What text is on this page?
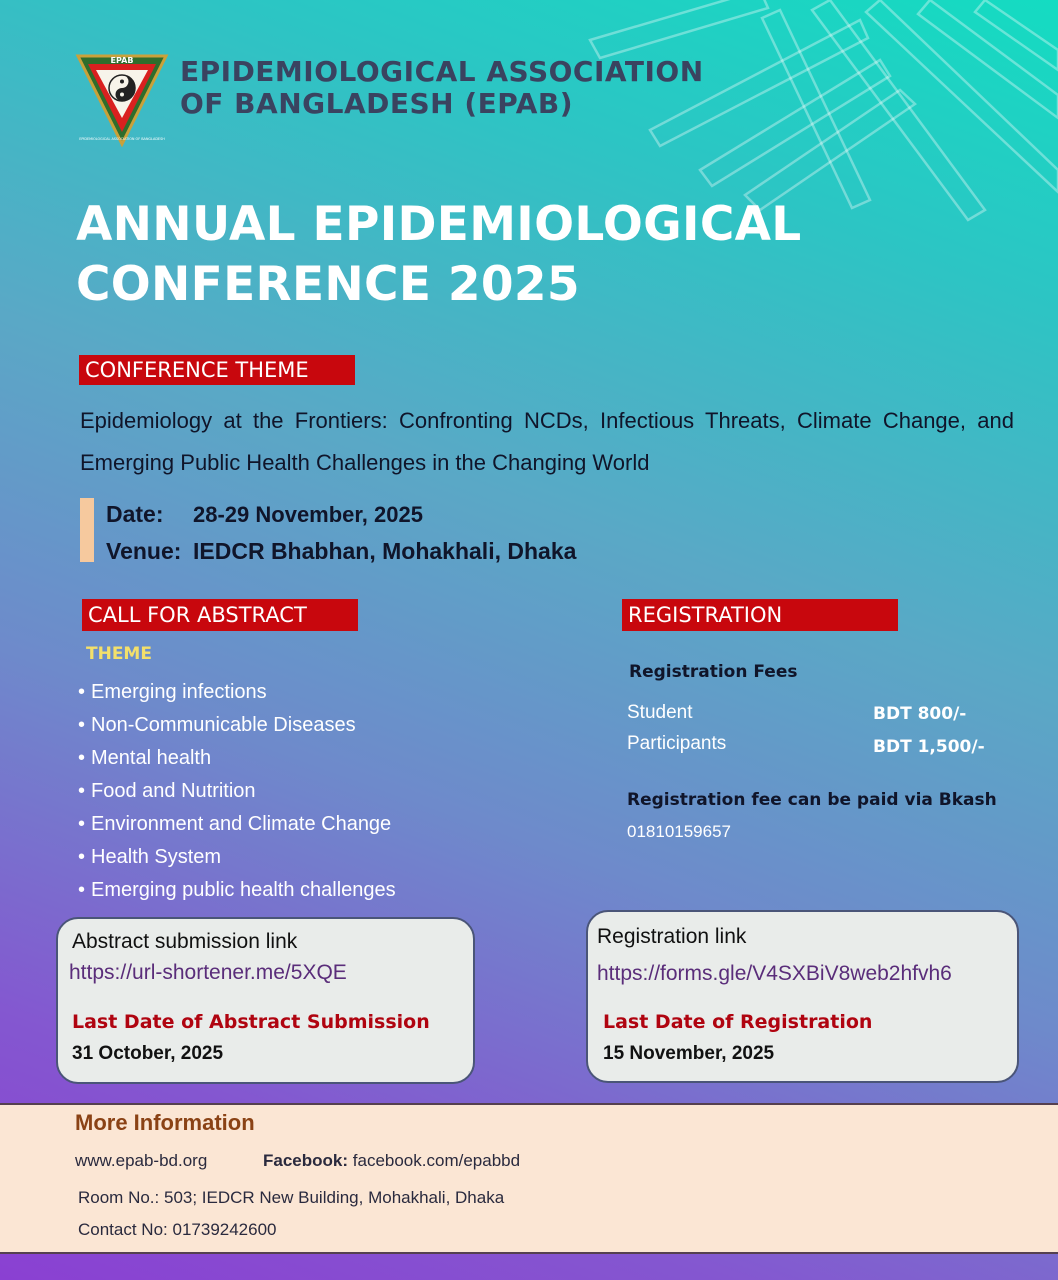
EPAB
EPIDEMIOLOGICAL ASSOCIATION OF BANGLADESH
EPIDEMIOLOGICAL ASSOCIATION
OF BANGLADESH (EPAB)
ANNUAL EPIDEMIOLOGICAL
CONFERENCE 2025
CONFERENCE THEME
Epidemiology at the Frontiers: Confronting NCDs, Infectious Threats, Climate Change, and Emerging Public Health Challenges in the Changing World
Date: 28-29 November, 2025
Venue: IEDCR Bhabhan, Mohakhali, Dhaka
CALL FOR ABSTRACT
THEME
• Emerging infections
• Non-Communicable Diseases
• Mental health
• Food and Nutrition
• Environment and Climate Change
• Health System
• Emerging public health challenges
REGISTRATION
Registration Fees
Student	BDT 800/-
Participants	BDT 1,500/-
Registration fee can be paid via Bkash
01810159657
Abstract submission link
https://url-shortener.me/5XQE
Last Date of Abstract Submission
31 October, 2025
Registration link
https://forms.gle/V4SXBiV8web2hfvh6
Last Date of Registration
15 November, 2025
More Information
www.epab-bd.org	Facebook: facebook.com/epabbd
Room No.: 503; IEDCR New Building, Mohakhali, Dhaka
Contact No: 01739242600
